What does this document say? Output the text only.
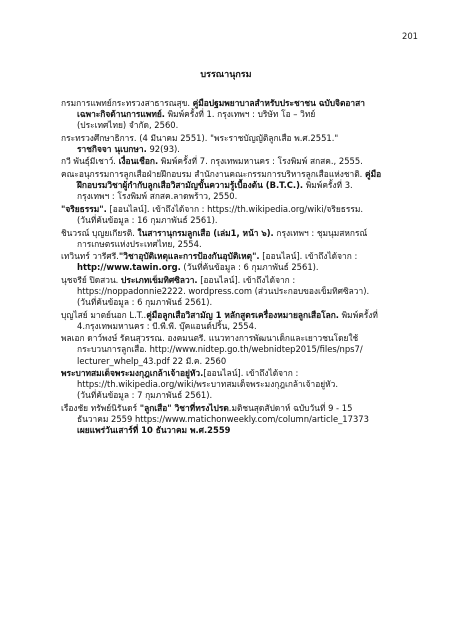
201
บรรณานุกรม

กรมการแพทย์กระทรวงสาธารณสุข. คู่มือปฐมพยาบาลสำหรับประชาชน ฉบับจิตอาสา
เฉพาะกิจด้านการแพทย์. พิมพ์ครั้งที่ 1. กรุงเทพฯ : บริษัท โอ – วิทย์
(ประเทศไทย) จำกัด, 2560.

กระทรวงศึกษาธิการ. (4 มีนาคม 2551). "พระราชบัญญัติลูกเสือ พ.ศ.2551."
ราชกิจจา นุเบกษา. 92(93).

กวี พันธุ์มีเชาว์. เงื่อนเชือก. พิมพ์ครั้งที่ 7. กรุงเทพมหานคร : โรงพิมพ์ สกสค., 2555.

คณะอนุกรรมการลูกเสือฝ่ายฝึกอบรม สำนักงานคณะกรรมการบริหารลูกเสือแห่งชาติ. คู่มือ
ฝึกอบรมวิชาผู้กำกับลูกเสือวิสามัญขั้นความรู้เบื้องต้น (B.T.C.). พิมพ์ครั้งที่ 3.
กรุงเทพฯ : โรงพิมพ์ สกสค.ลาดพร้าว, 2550.

"จริยธรรม". [ออนไลน์]. เข้าถึงได้จาก : https://th.wikipedia.org/wiki/จริยธรรม.
(วันที่ค้นข้อมูล : 16 กุมภาพันธ์ 2561).

ชินวรณ์ บุญยเกียรติ. ในสารานุกรมลูกเสือ (เล่ม1, หน้า ๖). กรุงเทพฯ : ชุมนุมสหกรณ์
การเกษตรแห่งประเทศไทย, 2554.

เทวินทร์ วารีศรี."วิชาอุบัติเหตุและการป้องกันอุบัติเหตุ". [ออนไลน์]. เข้าถึงได้จาก :
http://www.tawin.org. (วันที่ค้นข้อมูล : 6 กุมภาพันธ์ 2561).

นุชจรีย์ ปิดสวน. ประเภทเข็มทิศซิลวา. [ออนไลน์]. เข้าถึงได้จาก :
https://noppadonnie2222. wordpress.com (ส่วนประกอบของเข็มทิศซิลวา).
(วันที่ค้นข้อมูล : 6 กุมภาพันธ์ 2561).

บุญไสย์ มาตย์นอก L.T..คู่มือลูกเสือวิสามัญ 1 หลักสูตรเครื่องหมายลูกเสือโลก. พิมพ์ครั้งที่
4.กรุงเทพมหานคร : บี.พี.พี. บุ๊คแอนด์ปริ้น, 2554.

พลเอก ดาว์พงษ์ รัตนสุวรรณ. องคมนตรี. แนวทางการพัฒนาเด็กและเยาวชนโดยใช้
กระบวนการลูกเสือ. http://www.nidtep.go.th/webnidtep2015/files/nps7/
lecturer_whelp_43.pdf 22 มี.ค. 2560

พระบาทสมเด็จพระมงกุฎเกล้าเจ้าอยู่หัว.[ออนไลน์]. เข้าถึงได้จาก :
https://th.wikipedia.org/wiki/พระบาทสมเด็จพระมงกุฎเกล้าเจ้าอยู่หัว.
(วันที่ค้นข้อมูล : 7 กุมภาพันธ์ 2561).

เรืองชัย ทรัพย์นิรันดร์ "ลูกเสือ" วิชาที่ทรงไปรด.มติชนสุดสัปดาห์ ฉบับวันที่ 9 - 15
ธันวาคม 2559 https://www.matichonweekly.com/column/article_17373
เผยแพร่วันเสาร์ที่ 10 ธันวาคม พ.ศ.2559
